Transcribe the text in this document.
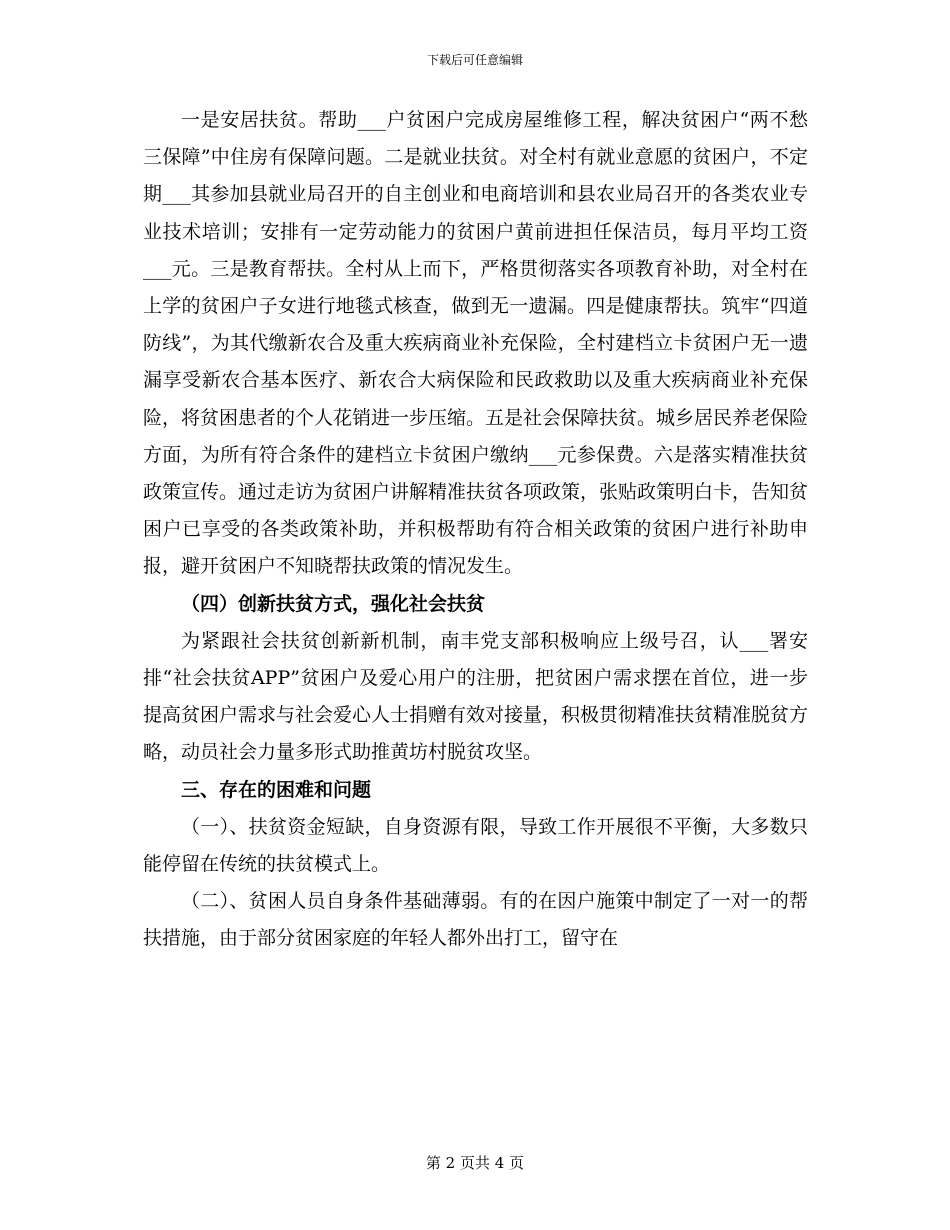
下载后可任意编辑

一是安居扶贫。帮助___户贫困户完成房屋维修工程，解决贫困户“两不愁三保障”中住房有保障问题。二是就业扶贫。对全村有就业意愿的贫困户，不定期___其参加县就业局召开的自主创业和电商培训和县农业局召开的各类农业专业技术培训；安排有一定劳动能力的贫困户黄前进担任保洁员，每月平均工资___元。三是教育帮扶。全村从上而下，严格贯彻落实各项教育补助，对全村在上学的贫困户子女进行地毯式核查，做到无一遗漏。四是健康帮扶。筑牢“四道防线”，为其代缴新农合及重大疾病商业补充保险，全村建档立卡贫困户无一遗漏享受新农合基本医疗、新农合大病保险和民政救助以及重大疾病商业补充保险，将贫困患者的个人花销进一步压缩。五是社会保障扶贫。城乡居民养老保险方面，为所有符合条件的建档立卡贫困户缴纳___元参保费。六是落实精准扶贫政策宣传。通过走访为贫困户讲解精准扶贫各项政策，张贴政策明白卡，告知贫困户已享受的各类政策补助，并积极帮助有符合相关政策的贫困户进行补助申报，避开贫困户不知晓帮扶政策的情况发生。

（四）创新扶贫方式，强化社会扶贫

为紧跟社会扶贫创新新机制，南丰党支部积极响应上级号召，认___署安排“社会扶贫APP”贫困户及爱心用户的注册，把贫困户需求摆在首位，进一步提高贫困户需求与社会爱心人士捐赠有效对接量，积极贯彻精准扶贫精准脱贫方略，动员社会力量多形式助推黄坊村脱贫攻坚。

三、存在的困难和问题

（一）、扶贫资金短缺，自身资源有限，导致工作开展很不平衡，大多数只能停留在传统的扶贫模式上。

（二）、贫困人员自身条件基础薄弱。有的在因户施策中制定了一对一的帮扶措施，由于部分贫困家庭的年轻人都外出打工，留守在

第 2 页共 4 页
